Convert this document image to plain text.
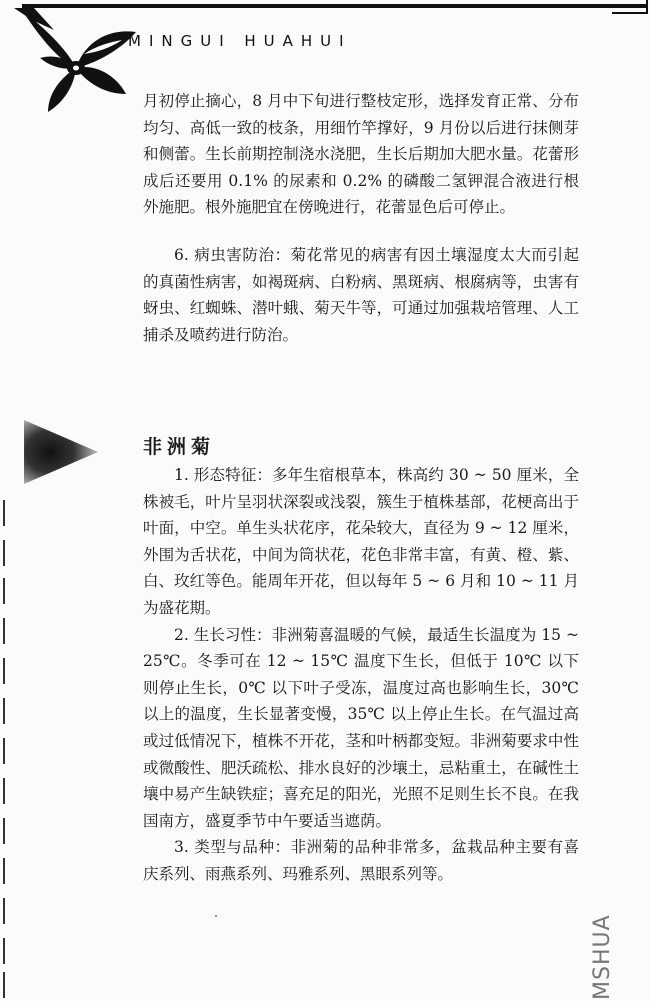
MINGUI HUAHUI

月初停止摘心，8 月中下旬进行整枝定形，选择发育正常、分布均匀、高低一致的枝条，用细竹竿撑好，9 月份以后进行抹侧芽和侧蕾。生长前期控制浇水浇肥，生长后期加大肥水量。花蕾形成后还要用 0.1% 的尿素和 0.2% 的磷酸二氢钾混合液进行根外施肥。根外施肥宜在傍晚进行，花蕾显色后可停止。

6. 病虫害防治：菊花常见的病害有因土壤湿度太大而引起的真菌性病害，如褐斑病、白粉病、黑斑病、根腐病等，虫害有蚜虫、红蜘蛛、潜叶蛾、菊天牛等，可通过加强栽培管理、人工捕杀及喷药进行防治。

非洲菊

1. 形态特征：多年生宿根草本，株高约 30 ~ 50 厘米，全株被毛，叶片呈羽状深裂或浅裂，簇生于植株基部，花梗高出于叶面，中空。单生头状花序，花朵较大，直径为 9 ~ 12 厘米，外围为舌状花，中间为筒状花，花色非常丰富，有黄、橙、紫、白、玫红等色。能周年开花，但以每年 5 ~ 6 月和 10 ~ 11 月为盛花期。

2. 生长习性：非洲菊喜温暖的气候，最适生长温度为 15 ~ 25℃。冬季可在 12 ~ 15℃ 温度下生长，但低于 10℃ 以下则停止生长，0℃ 以下叶子受冻，温度过高也影响生长，30℃ 以上的温度，生长显著变慢，35℃ 以上停止生长。在气温过高或过低情况下，植株不开花，茎和叶柄都变短。非洲菊要求中性或微酸性、肥沃疏松、排水良好的沙壤土，忌粘重土，在碱性土壤中易产生缺铁症；喜充足的阳光，光照不足则生长不良。在我国南方，盛夏季节中午要适当遮荫。

3. 类型与品种：非洲菊的品种非常多，盆栽品种主要有喜庆系列、雨燕系列、玛雅系列、黑眼系列等。

MSHUA
